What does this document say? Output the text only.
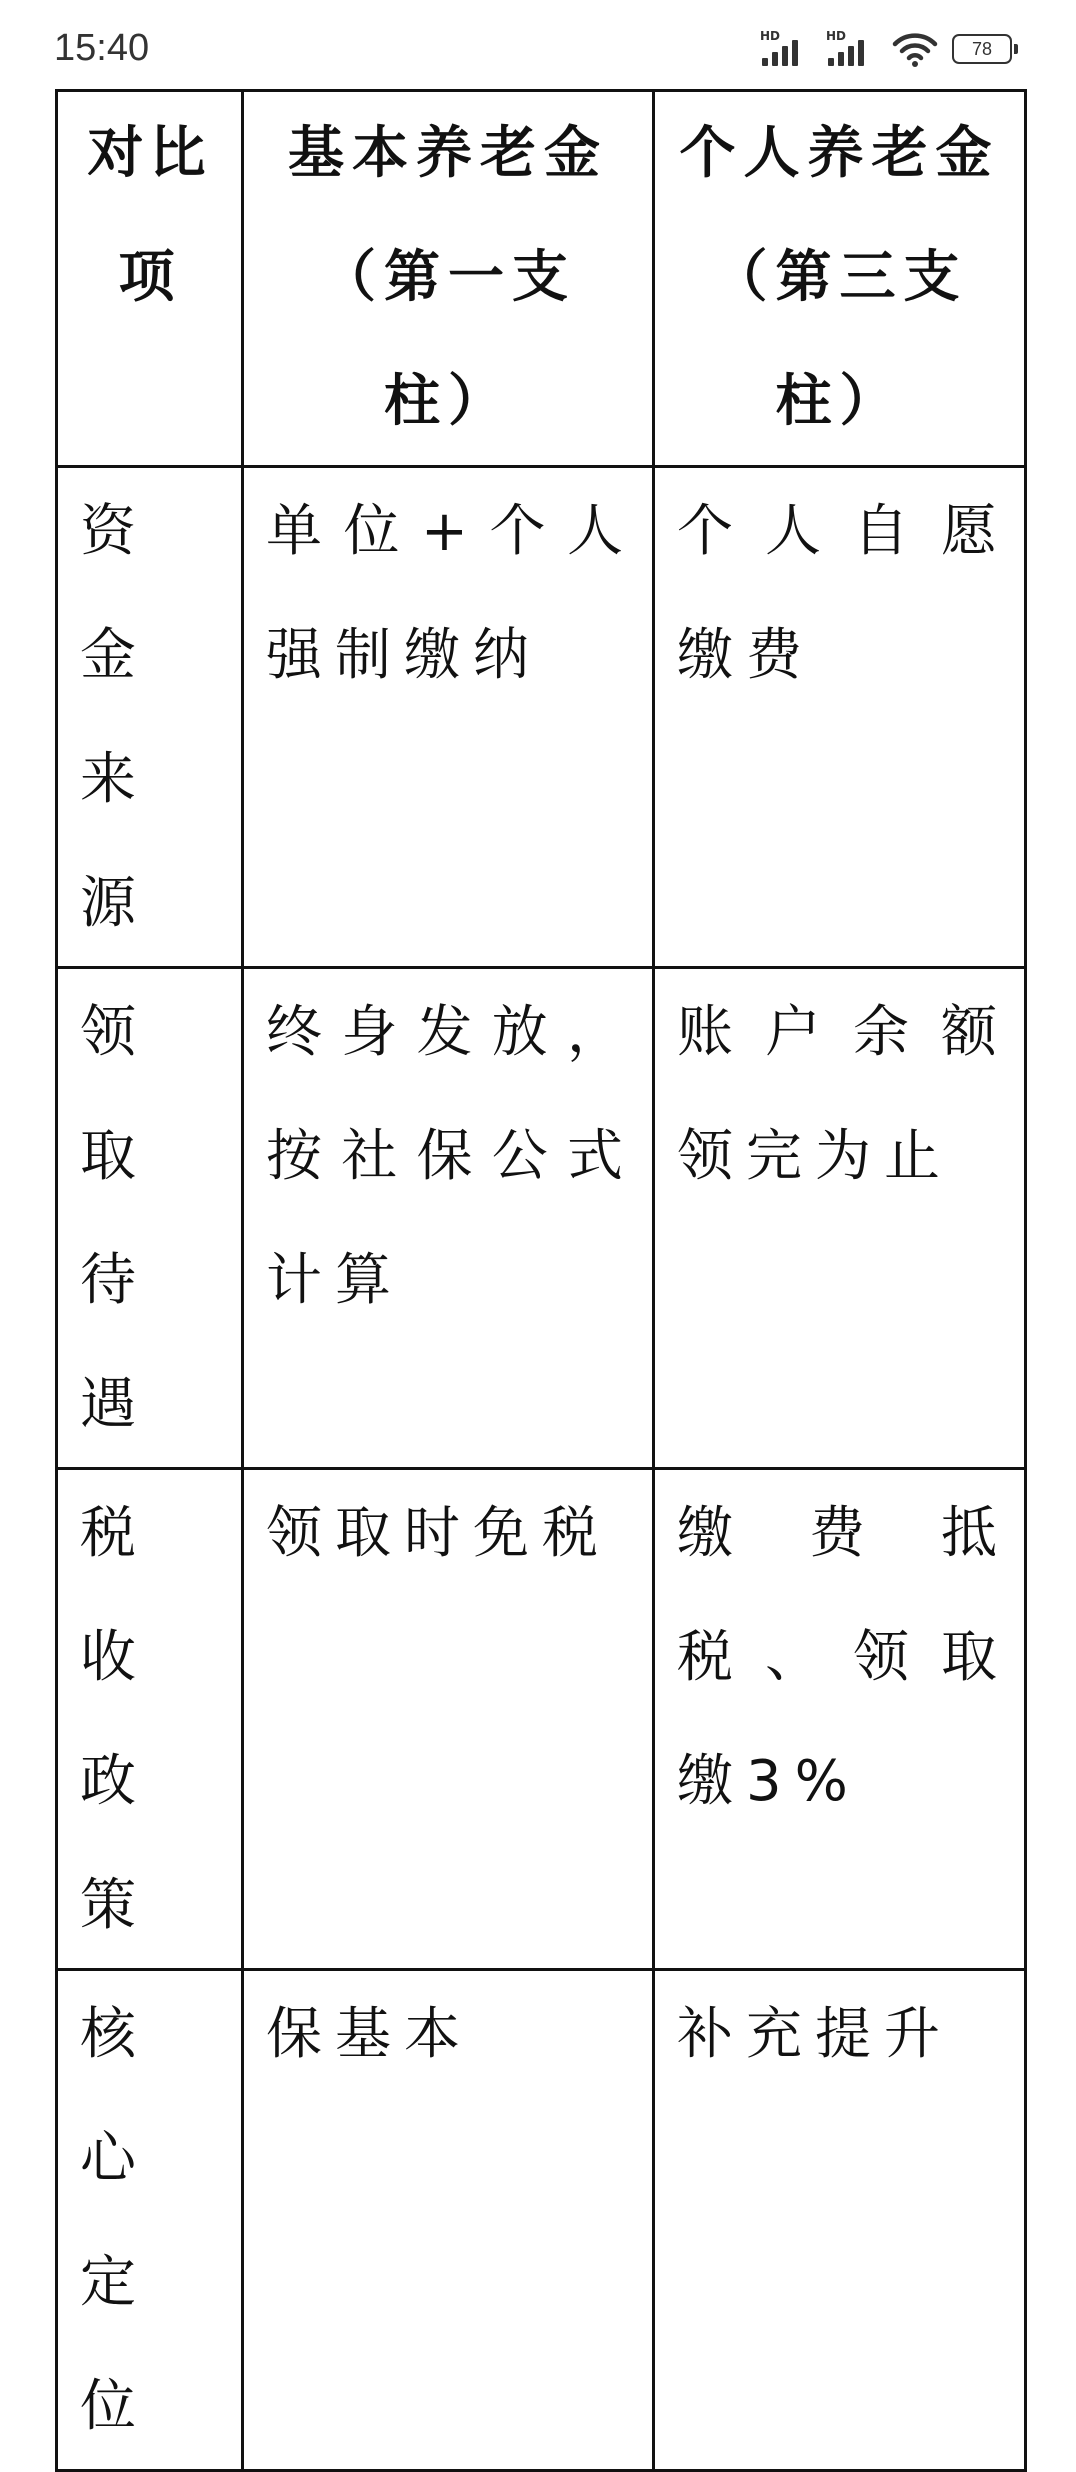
15:40	HD	HD
78
对比项	基本养老金（第一支柱）	个人养老金（第三支柱）

资金来源	单位+个人强制缴纳	个人自愿缴费

领取待遇	终身发放，按社保公式计算	账户余额领完为止

税收政策	领取时免税	缴费抵税、领取缴3%

核心定位	保基本	补充提升
